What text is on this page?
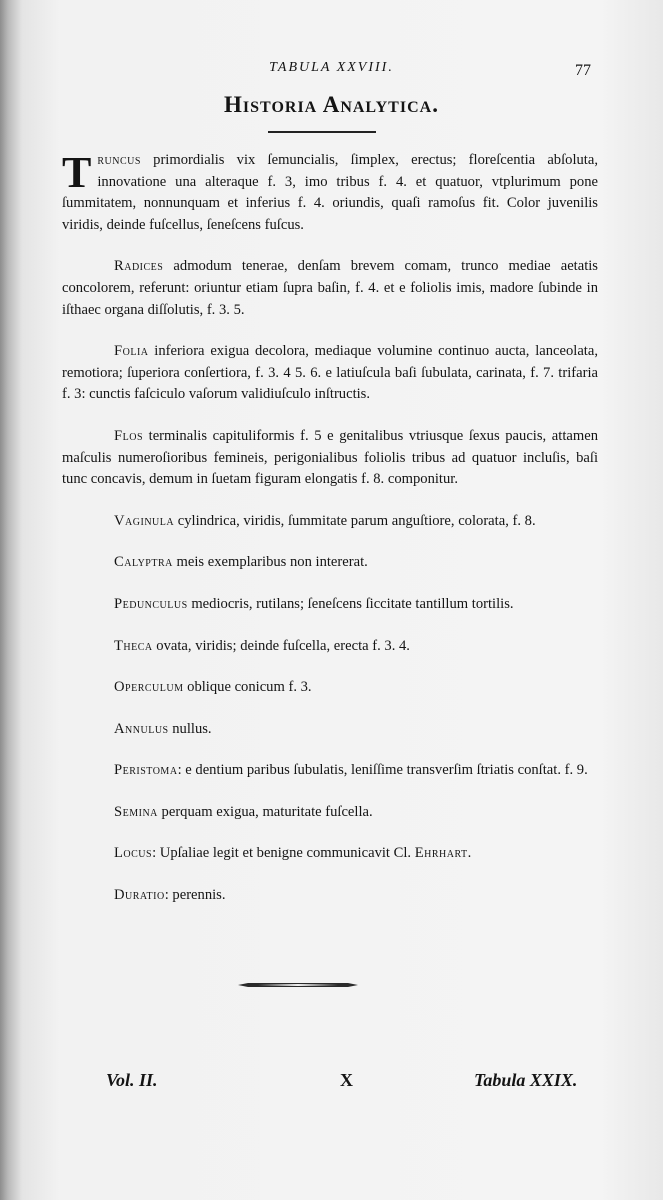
TABULA XXVIII.	77
Historia Analytica.

Truncus primordialis vix ſemuncialis, ſimplex, erectus; floreſcentia abſoluta, innovatione una alteraque f. 3, imo tribus f. 4. et quatuor, vtplurimum pone ſummitatem, nonnunquam et inferius f. 4. oriundis, quaſi ramoſus fit. Color juvenilis viridis, deinde fuſcellus, ſeneſcens fuſcus.

Radices admodum tenerae, denſam brevem comam, trunco mediae aetatis concolorem, referunt: oriuntur etiam ſupra baſin, f. 4. et e foliolis imis, madore ſubinde in iſthaec organa diſſolutis, f. 3. 5.

Folia inferiora exigua decolora, mediaque volumine continuo aucta, lanceolata, remotiora; ſuperiora conſertiora, f. 3. 4 5. 6. e latiuſcula baſi ſubulata, carinata, f. 7. trifaria f. 3: cunctis faſciculo vaſorum validiuſculo inſtructis.

Flos terminalis capituliformis f. 5 e genitalibus vtriusque ſexus paucis, attamen maſculis numeroſioribus femineis, perigonialibus foliolis tribus ad quatuor incluſis, baſi tunc concavis, demum in ſuetam figuram elongatis f. 8. componitur.

Vaginula cylindrica, viridis, ſummitate parum anguſtiore, colorata, f. 8.

Calyptra meis exemplaribus non intererat.

Pedunculus mediocris, rutilans; ſeneſcens ſiccitate tantillum tortilis.

Theca ovata, viridis; deinde fuſcella, erecta f. 3. 4.

Operculum oblique conicum f. 3.

Annulus nullus.

Peristoma: e dentium paribus ſubulatis, leniſſime transverſim ſtriatis conſtat. f. 9.

Semina perquam exigua, maturitate fuſcella.

Locus: Upſaliae legit et benigne communicavit Cl. Ehrhart.

Duratio: perennis.

Vol. II.	X	Tabula XXIX.
